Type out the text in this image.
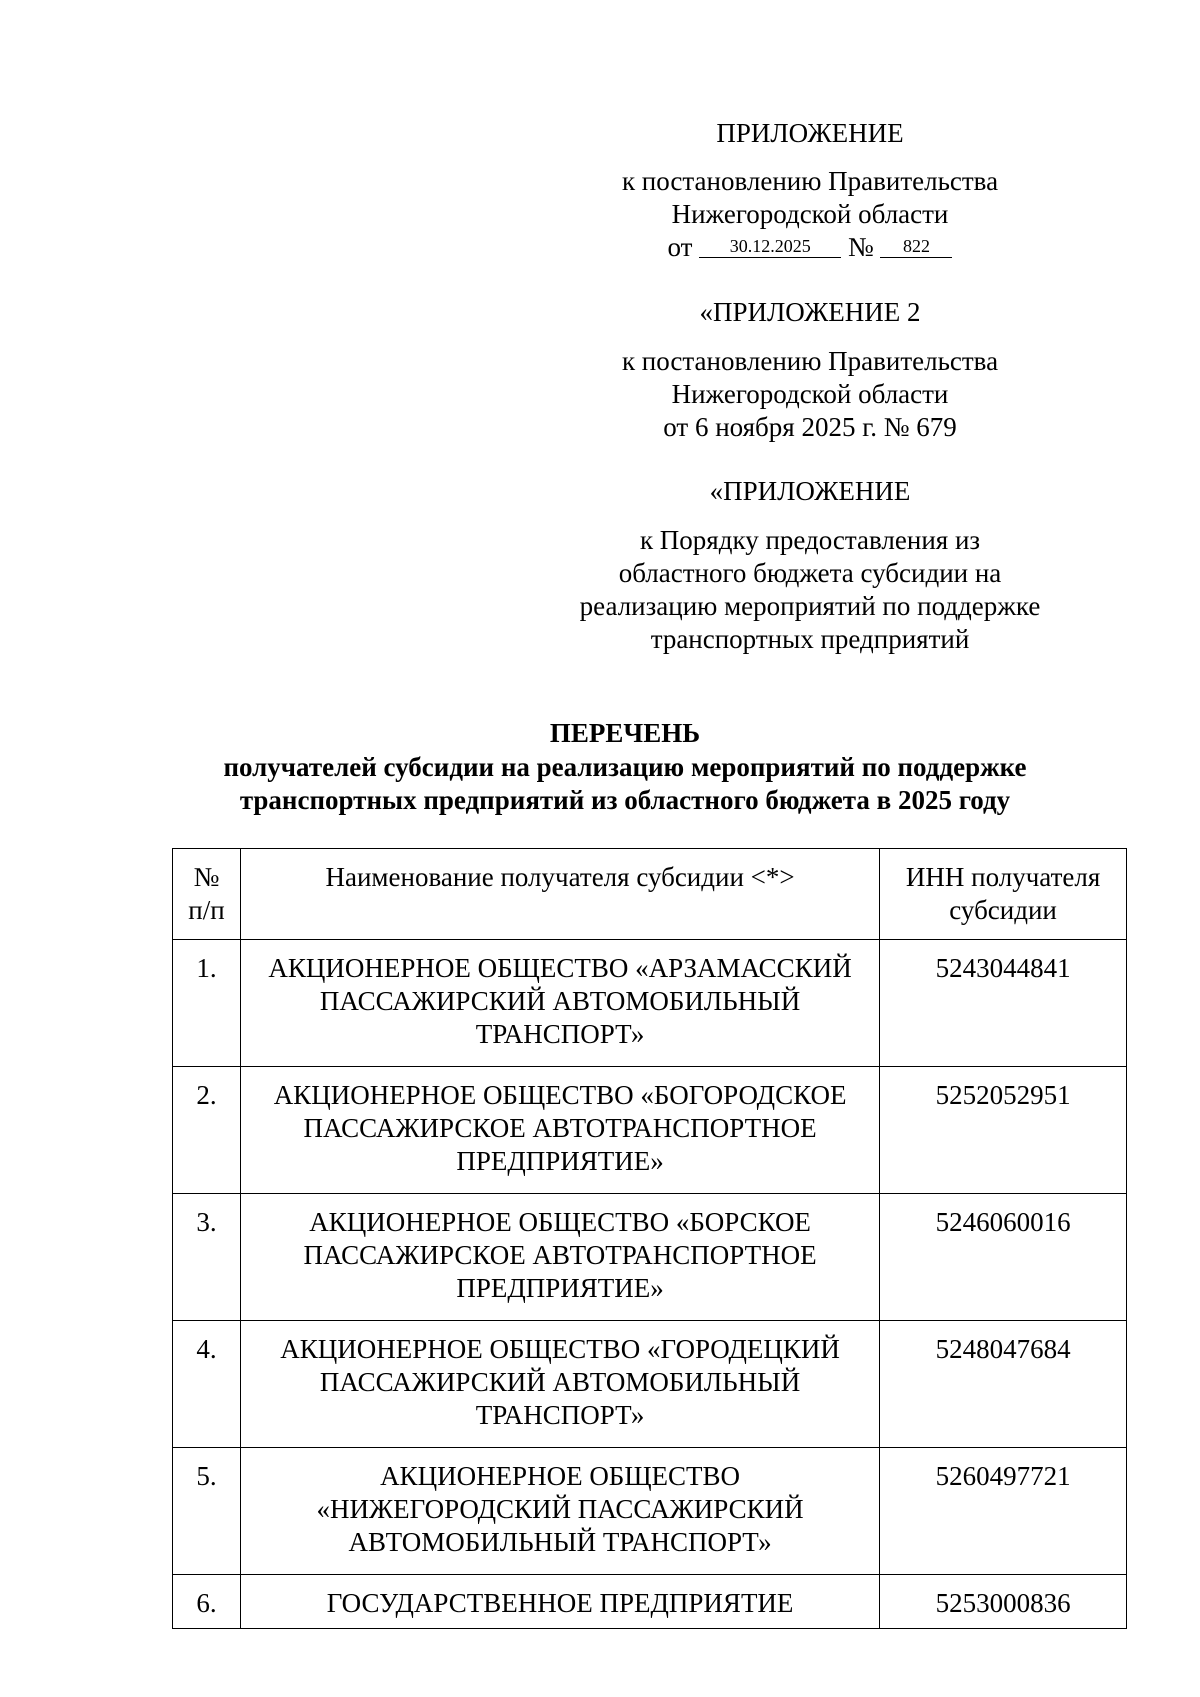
ПРИЛОЖЕНИЕ
к постановлению Правительства
Нижегородской области
от 30.12.2025 № 822
«ПРИЛОЖЕНИЕ 2
к постановлению Правительства
Нижегородской области
от 6 ноября 2025 г. № 679
«ПРИЛОЖЕНИЕ
к Порядку предоставления из
областного бюджета субсидии на
реализацию мероприятий по поддержке
транспортных предприятий
ПЕРЕЧЕНЬ
получателей субсидии на реализацию мероприятий по поддержке
транспортных предприятий из областного бюджета в 2025 году
№
п/п	Наименование получателя субсидии <*>	ИНН получателя
субсидии
1.	АКЦИОНЕРНОЕ ОБЩЕСТВО «АРЗАМАССКИЙ
ПАССАЖИРСКИЙ АВТОМОБИЛЬНЫЙ
ТРАНСПОРТ»	5243044841
2.	АКЦИОНЕРНОЕ ОБЩЕСТВО «БОГОРОДСКОЕ
ПАССАЖИРСКОЕ АВТОТРАНСПОРТНОЕ
ПРЕДПРИЯТИЕ»	5252052951
3.	АКЦИОНЕРНОЕ ОБЩЕСТВО «БОРСКОЕ
ПАССАЖИРСКОЕ АВТОТРАНСПОРТНОЕ
ПРЕДПРИЯТИЕ»	5246060016
4.	АКЦИОНЕРНОЕ ОБЩЕСТВО «ГОРОДЕЦКИЙ
ПАССАЖИРСКИЙ АВТОМОБИЛЬНЫЙ
ТРАНСПОРТ»	5248047684
5.	АКЦИОНЕРНОЕ ОБЩЕСТВО
«НИЖЕГОРОДСКИЙ ПАССАЖИРСКИЙ
АВТОМОБИЛЬНЫЙ ТРАНСПОРТ»	5260497721
6.	ГОСУДАРСТВЕННОЕ ПРЕДПРИЯТИЕ	5253000836
